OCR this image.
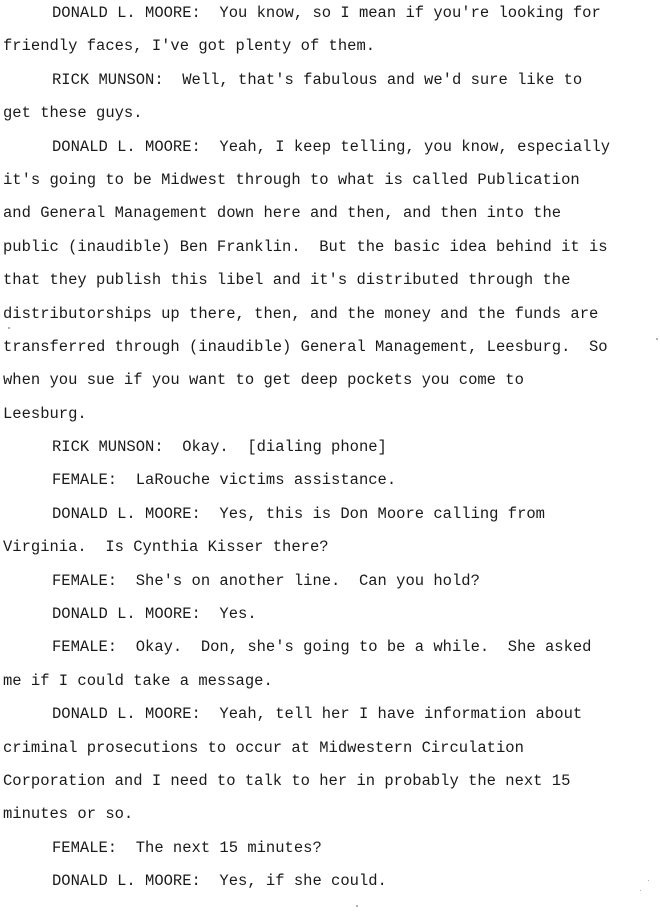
DONALD L. MOORE:  You know, so I mean if you're looking for
friendly faces, I've got plenty of them.
RICK MUNSON:  Well, that's fabulous and we'd sure like to
get these guys.
DONALD L. MOORE:  Yeah, I keep telling, you know, especially
it's going to be Midwest through to what is called Publication
and General Management down here and then, and then into the
public (inaudible) Ben Franklin.  But the basic idea behind it is
that they publish this libel and it's distributed through the
distributorships up there, then, and the money and the funds are
transferred through (inaudible) General Management, Leesburg.  So
when you sue if you want to get deep pockets you come to
Leesburg.
RICK MUNSON:  Okay.  [dialing phone]
FEMALE:  LaRouche victims assistance.
DONALD L. MOORE:  Yes, this is Don Moore calling from
Virginia.  Is Cynthia Kisser there?
FEMALE:  She's on another line.  Can you hold?
DONALD L. MOORE:  Yes.
FEMALE:  Okay.  Don, she's going to be a while.  She asked
me if I could take a message.
DONALD L. MOORE:  Yeah, tell her I have information about
criminal prosecutions to occur at Midwestern Circulation
Corporation and I need to talk to her in probably the next 15
minutes or so.
FEMALE:  The next 15 minutes?
DONALD L. MOORE:  Yes, if she could.
